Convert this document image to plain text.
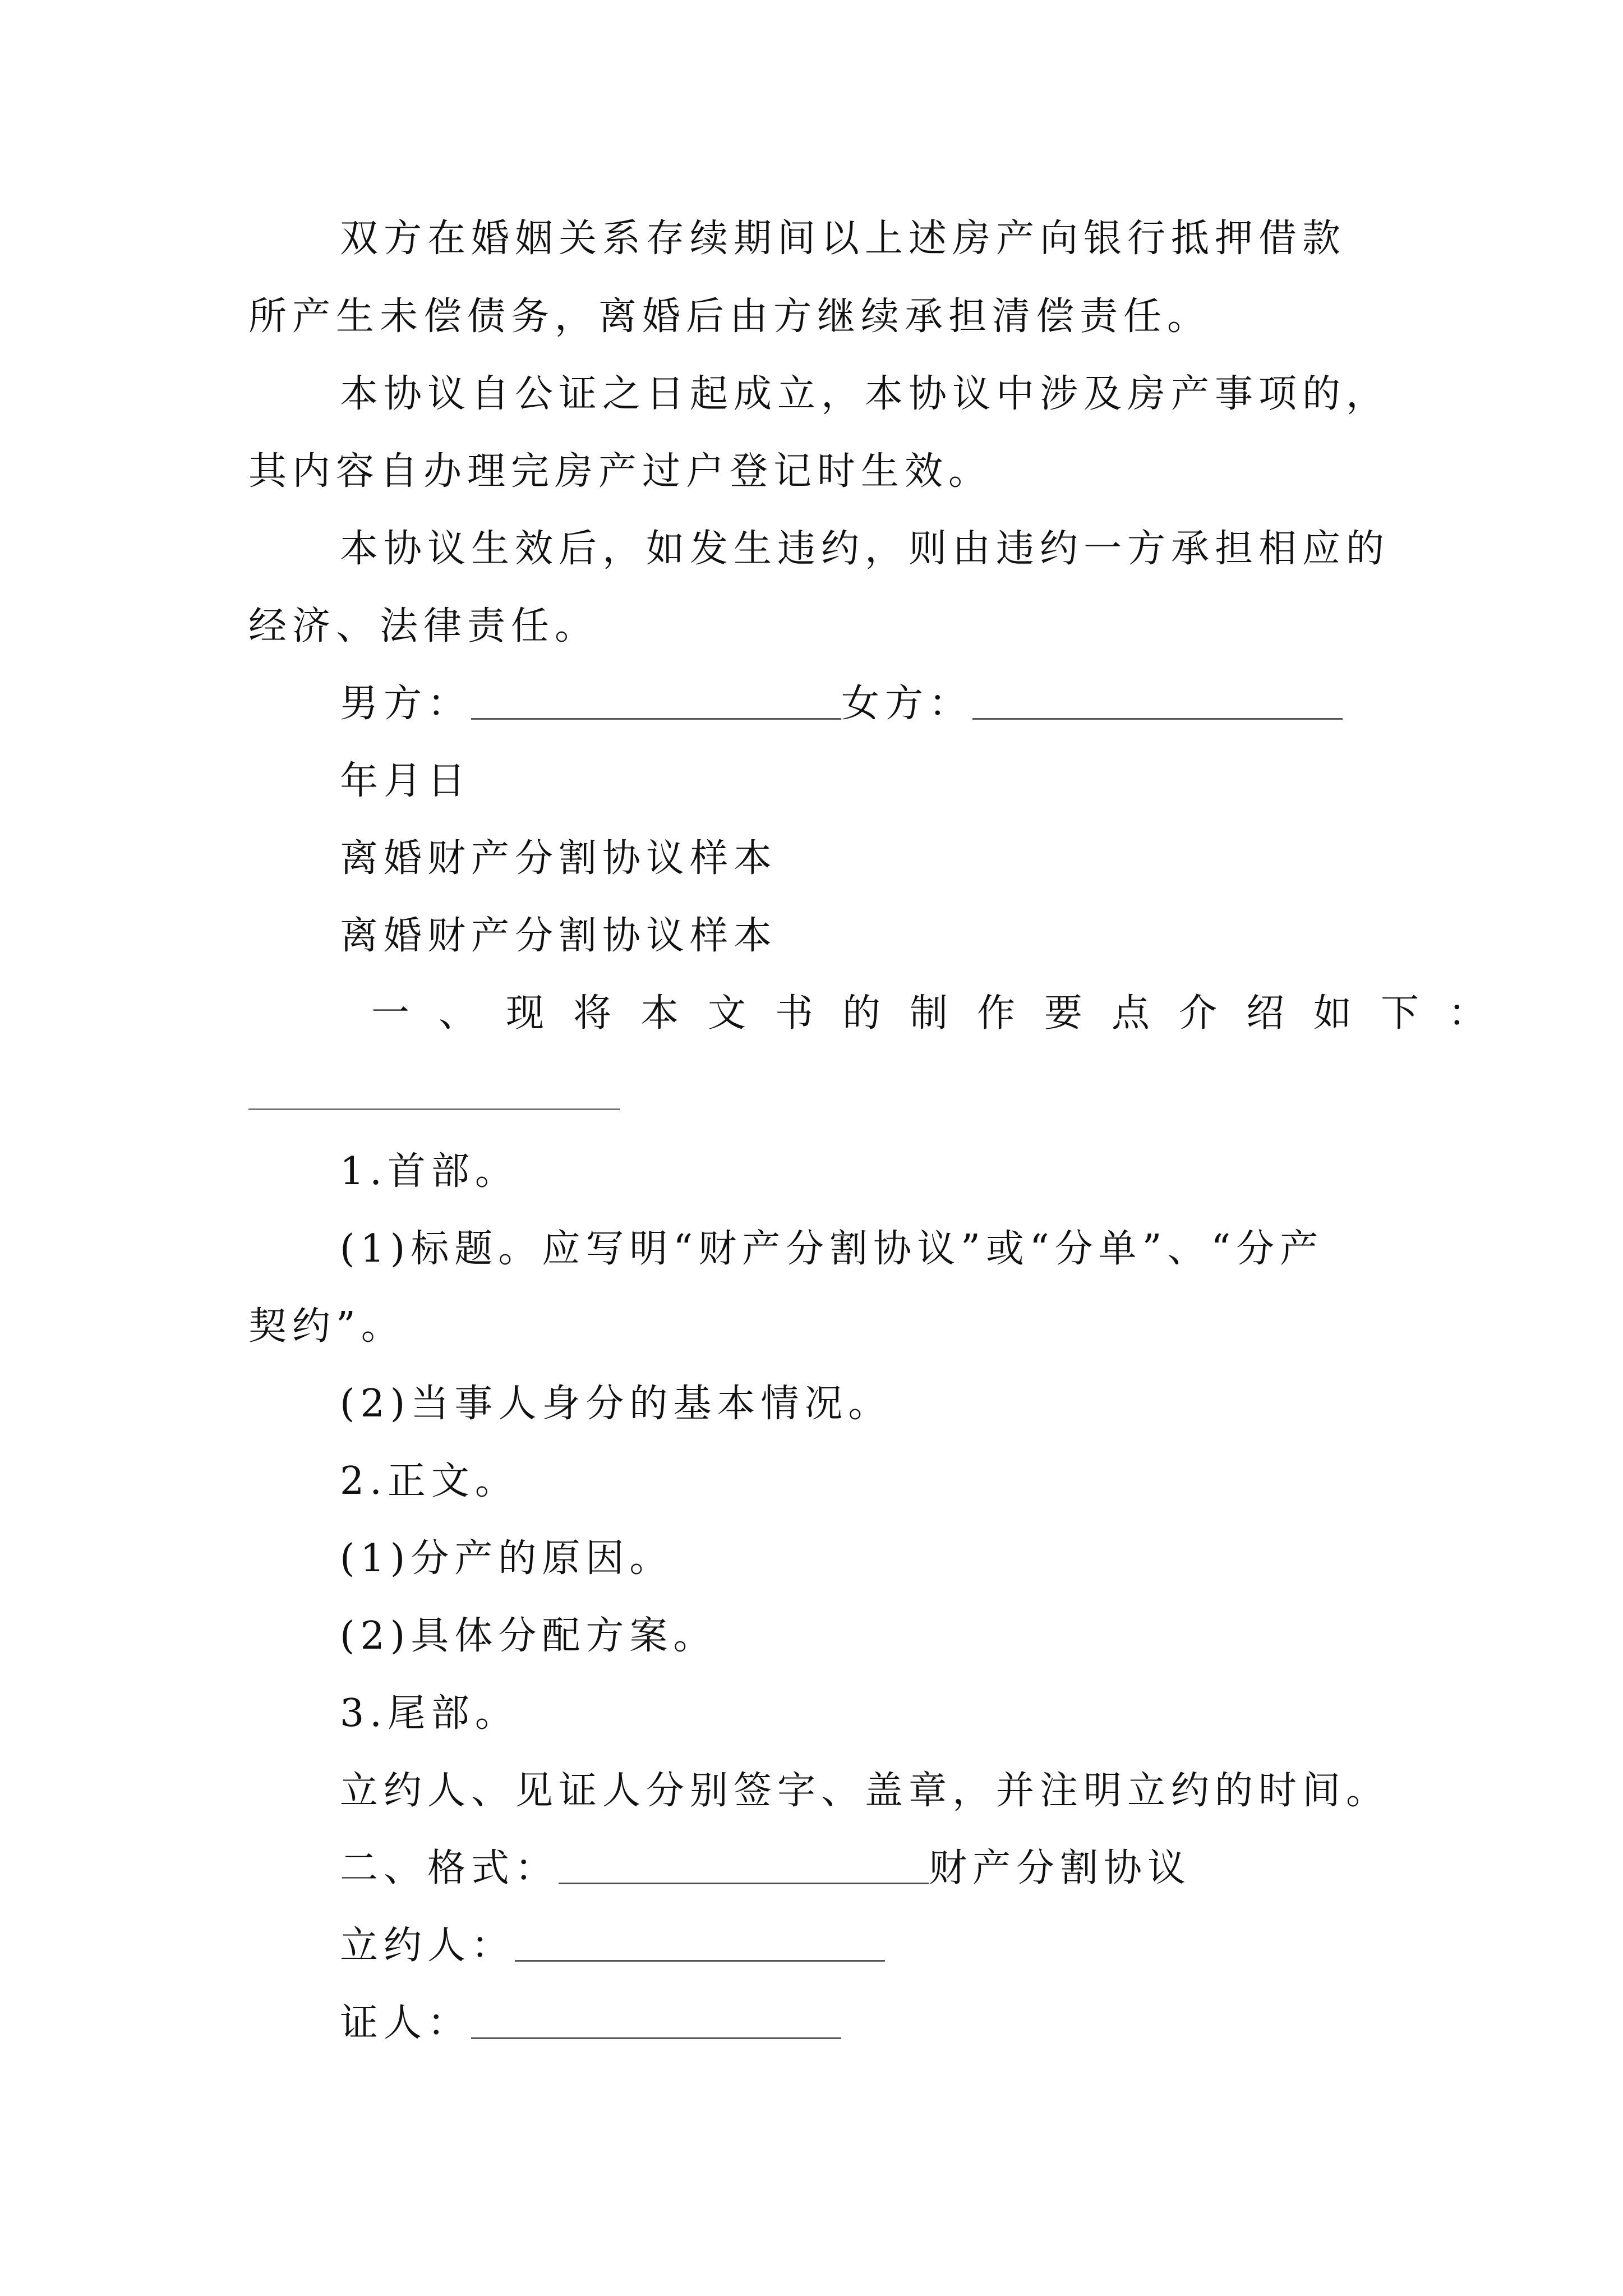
双方在婚姻关系存续期间以上述房产向银行抵押借款
所产生未偿债务，离婚后由方继续承担清偿责任。
本协议自公证之日起成立，本协议中涉及房产事项的，
其内容自办理完房产过户登记时生效。
本协议生效后，如发生违约，则由违约一方承担相应的
经济、法律责任。
男方：	女方：
年月日
离婚财产分割协议样本
离婚财产分割协议样本
一、现将本文书的制作要点介绍如下：
1.首部。
(1)标题。应写明“财产分割协议”或“分单”、“分产
契约”。
(2)当事人身分的基本情况。
2.正文。
(1)分产的原因。
(2)具体分配方案。
3.尾部。
立约人、见证人分别签字、盖章，并注明立约的时间。
二、格式：	财产分割协议
立约人：
证人：
